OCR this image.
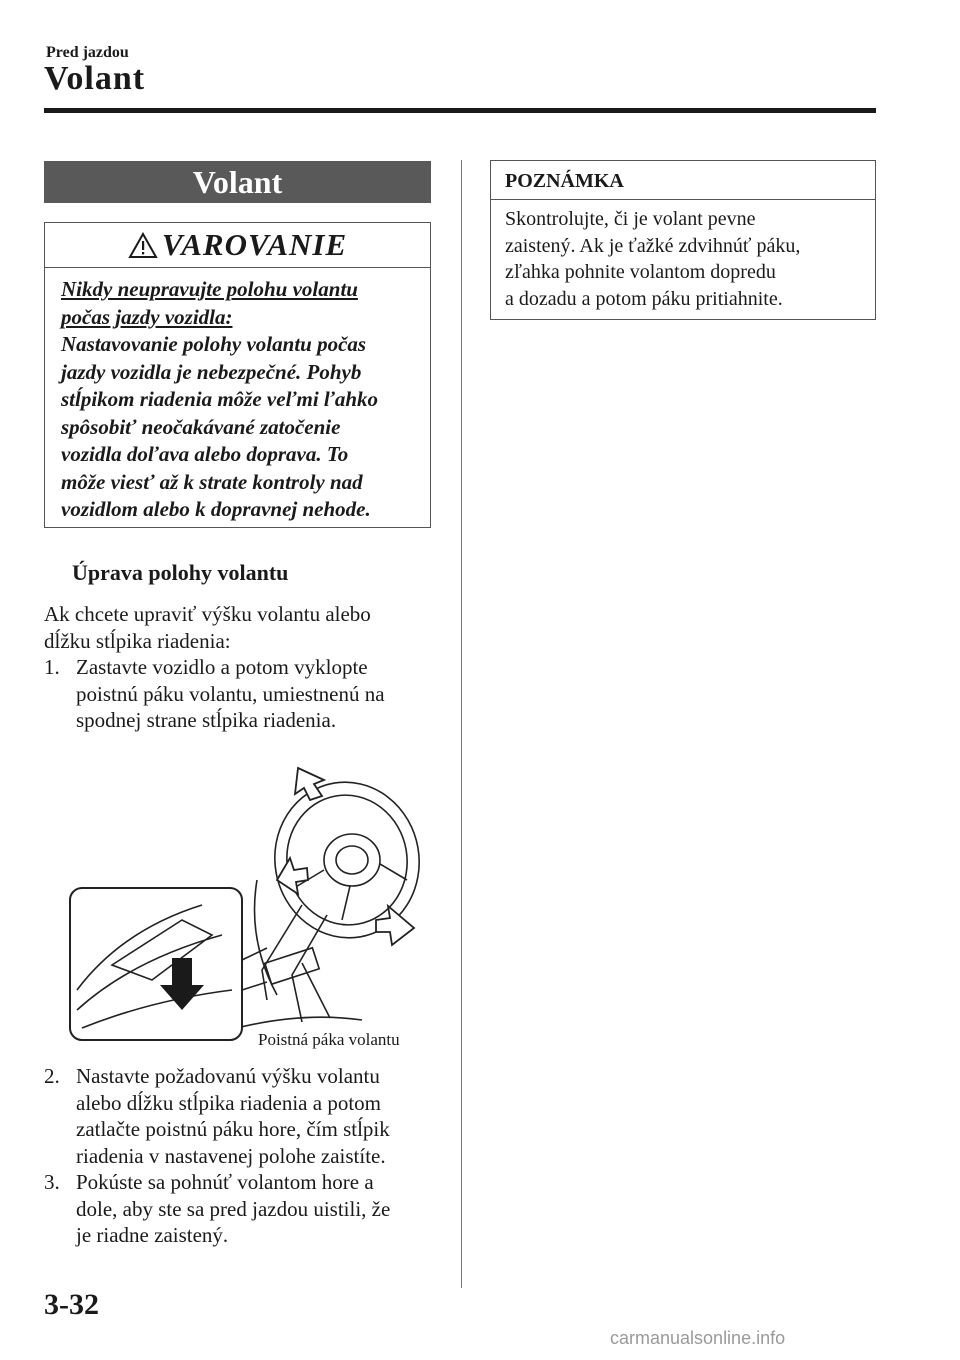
Pred jazdou
Volant
Volant
VAROVANIE
Nikdy neupravujte polohu volantu
počas jazdy vozidla:
Nastavovanie polohy volantu počas
jazdy vozidla je nebezpečné. Pohyb
stĺpikom riadenia môže veľmi ľahko
spôsobiť neočakávané zatočenie
vozidla doľava alebo doprava. To
môže viesť až k strate kontroly nad
vozidlom alebo k dopravnej nehode.
Úprava polohy volantu
Ak chcete upraviť výšku volantu alebo
dĺžku stĺpika riadenia:
1. Zastavte vozidlo a potom vyklopte
poistnú páku volantu, umiestnenú na
spodnej strane stĺpika riadenia.
Poistná páka volantu
2. Nastavte požadovanú výšku volantu
alebo dĺžku stĺpika riadenia a potom
zatlačte poistnú páku hore, čím stĺpik
riadenia v nastavenej polohe zaistíte.
3. Pokúste sa pohnúť volantom hore a
dole, aby ste sa pred jazdou uistili, že
je riadne zaistený.
POZNÁMKA
Skontrolujte, či je volant pevne
zaistený. Ak je ťažké zdvihnúť páku,
zľahka pohnite volantom dopredu
a dozadu a potom páku pritiahnite.
3-32
carmanualsonline.info
